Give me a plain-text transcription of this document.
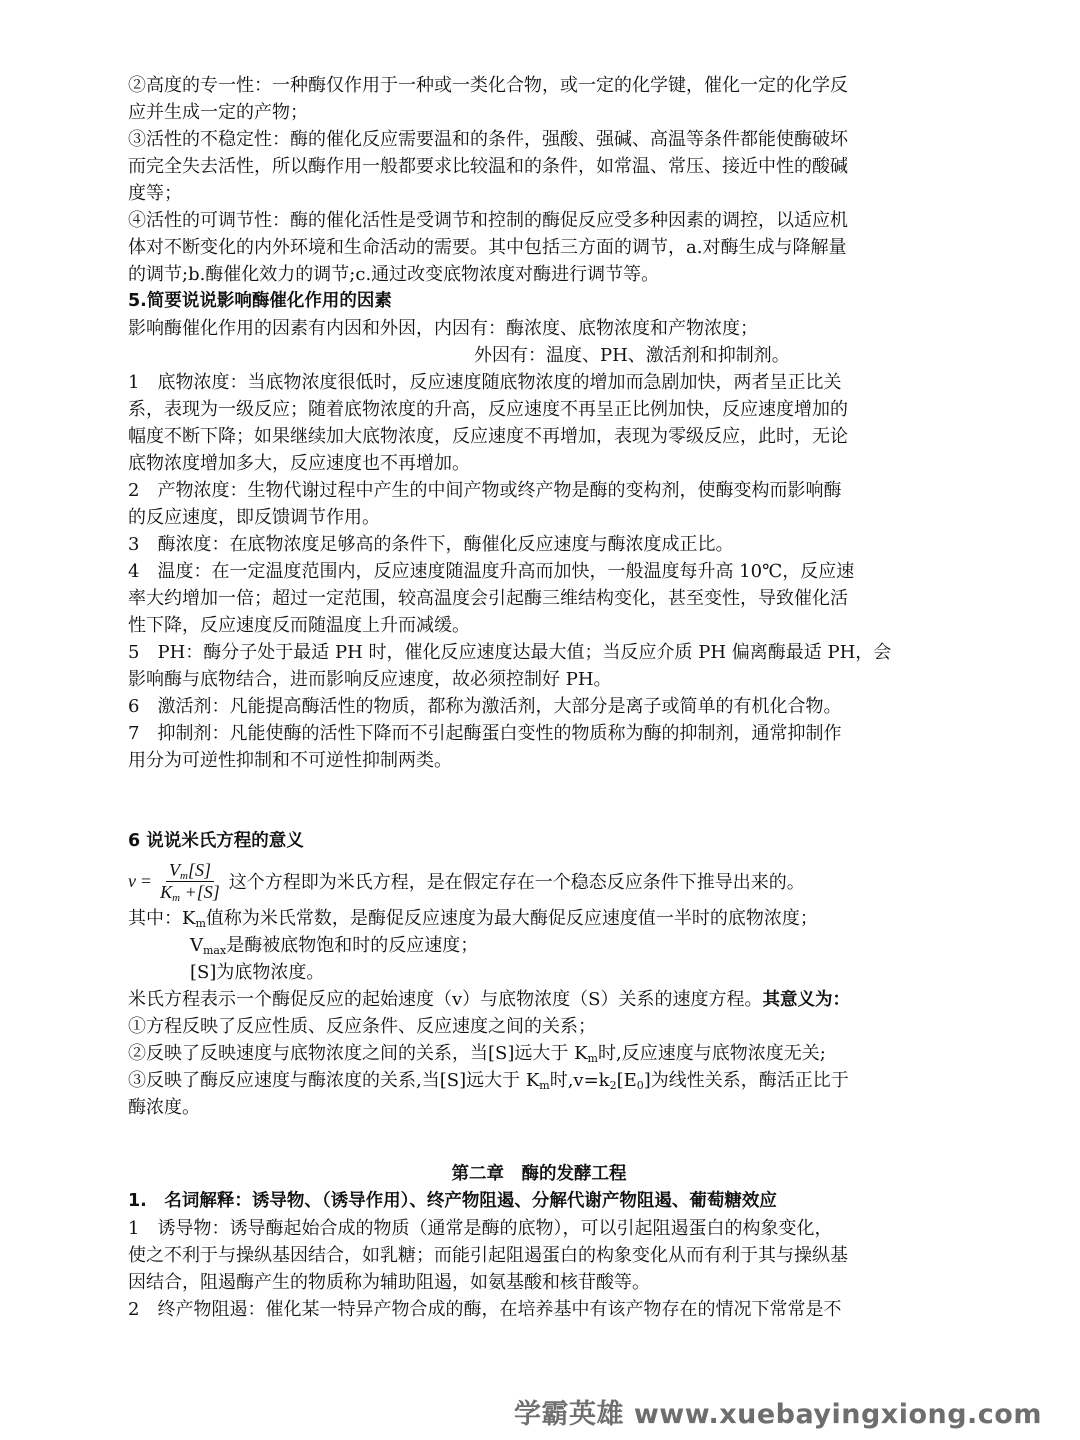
②高度的专一性：一种酶仅作用于一种或一类化合物，或一定的化学键，催化一定的化学反
应并生成一定的产物；
③活性的不稳定性：酶的催化反应需要温和的条件，强酸、强碱、高温等条件都能使酶破坏
而完全失去活性，所以酶作用一般都要求比较温和的条件，如常温、常压、接近中性的酸碱
度等；
④活性的可调节性：酶的催化活性是受调节和控制的酶促反应受多种因素的调控，以适应机
体对不断变化的内外环境和生命活动的需要。其中包括三方面的调节，a.对酶生成与降解量
的调节;b.酶催化效力的调节;c.通过改变底物浓度对酶进行调节等。
5.简要说说影响酶催化作用的因素
影响酶催化作用的因素有内因和外因，内因有：酶浓度、底物浓度和产物浓度；
外因有：温度、PH、激活剂和抑制剂。
1　底物浓度：当底物浓度很低时，反应速度随底物浓度的增加而急剧加快，两者呈正比关
系，表现为一级反应；随着底物浓度的升高，反应速度不再呈正比例加快，反应速度增加的
幅度不断下降；如果继续加大底物浓度，反应速度不再增加，表现为零级反应，此时，无论
底物浓度增加多大，反应速度也不再增加。
2　产物浓度：生物代谢过程中产生的中间产物或终产物是酶的变构剂，使酶变构而影响酶
的反应速度，即反馈调节作用。
3　酶浓度：在底物浓度足够高的条件下，酶催化反应速度与酶浓度成正比。
4　温度：在一定温度范围内，反应速度随温度升高而加快，一般温度每升高 10℃，反应速
率大约增加一倍；超过一定范围，较高温度会引起酶三维结构变化，甚至变性，导致催化活
性下降，反应速度反而随温度上升而减缓。
5　PH：酶分子处于最适 PH 时，催化反应速度达最大值；当反应介质 PH 偏离酶最适 PH，会
影响酶与底物结合，进而影响反应速度，故必须控制好 PH。
6　激活剂：凡能提高酶活性的物质，都称为激活剂，大部分是离子或简单的有机化合物。
7　抑制剂：凡能使酶的活性下降而不引起酶蛋白变性的物质称为酶的抑制剂，通常抑制作
用分为可逆性抑制和不可逆性抑制两类。
6 说说米氏方程的意义
$v = \frac{V_m[S]}{K_m +[S]}$ 这个方程即为米氏方程，是在假定存在一个稳态反应条件下推导出来的。
其中：$K_m$值称为米氏常数，是酶促反应速度为最大酶促反应速度值一半时的底物浓度；
$V_{max}$是酶被底物饱和时的反应速度；
[S]为底物浓度。
米氏方程表示一个酶促反应的起始速度（v）与底物浓度（S）关系的速度方程。其意义为：
①方程反映了反应性质、反应条件、反应速度之间的关系；
②反映了反映速度与底物浓度之间的关系，当[S]远大于 $K_m$时,反应速度与底物浓度无关;
③反映了酶反应速度与酶浓度的关系,当[S]远大于 $K_m$时$,v=k_2[E_0]$为线性关系，酶活正比于
酶浓度。
第二章　酶的发酵工程
1.　名词解释：诱导物、（诱导作用）、终产物阻遏、分解代谢产物阻遏、葡萄糖效应
1　诱导物：诱导酶起始合成的物质（通常是酶的底物），可以引起阻遏蛋白的构象变化，
使之不利于与操纵基因结合，如乳糖；而能引起阻遏蛋白的构象变化从而有利于其与操纵基
因结合，阻遏酶产生的物质称为辅助阻遏，如氨基酸和核苷酸等。
2　终产物阻遏：催化某一特异产物合成的酶，在培养基中有该产物存在的情况下常常是不
学霸英雄 www.xuebayingxiong.com
